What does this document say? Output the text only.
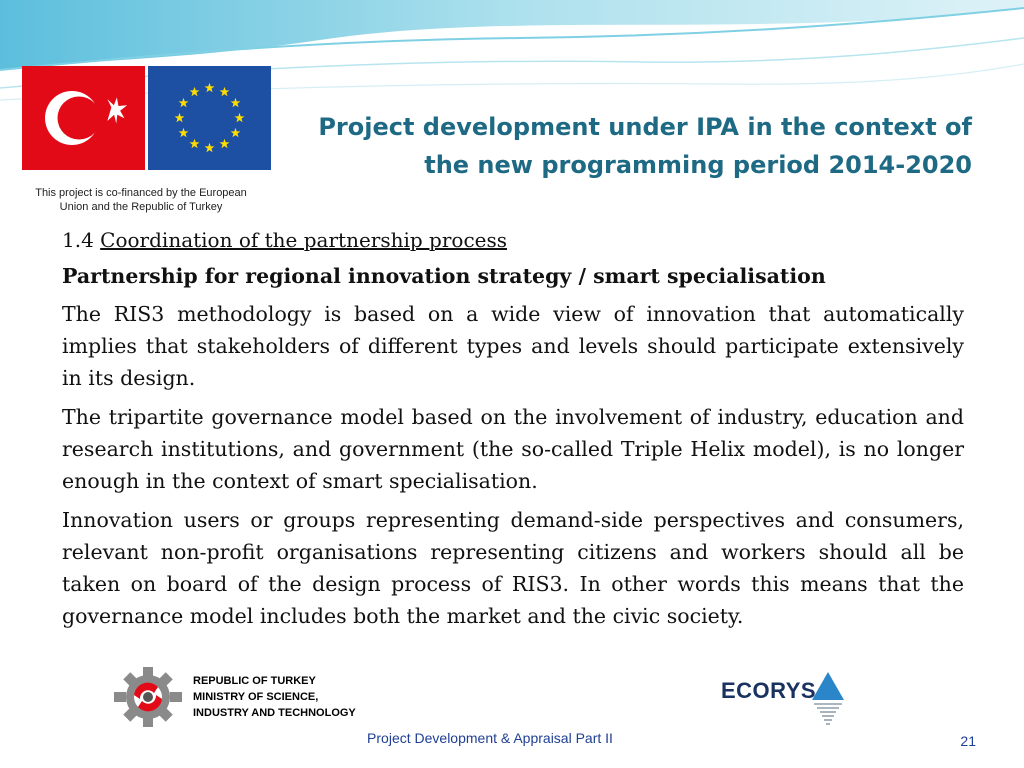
This project is co-financed by the European
Union and the Republic of Turkey
Project development under IPA in the context of
the new programming period 2014-2020

1.4 Coordination of the partnership process

Partnership for regional innovation strategy / smart specialisation

The RIS3 methodology is based on a wide view of innovation that automatically implies that stakeholders of different types and levels should participate extensively in its design.

The tripartite governance model based on the involvement of industry, education and research institutions, and government (the so-called Triple Helix model), is no longer enough in the context of smart specialisation.

Innovation users or groups representing demand-side perspectives and consumers, relevant non-profit organisations representing citizens and workers should all be taken on board of the design process of RIS3. In other words this means that the governance model includes both the market and the civic society.

REPUBLIC OF TURKEY
MINISTRY OF SCIENCE,
INDUSTRY AND TECHNOLOGY
ECORYS
Project Development & Appraisal Part II	21
